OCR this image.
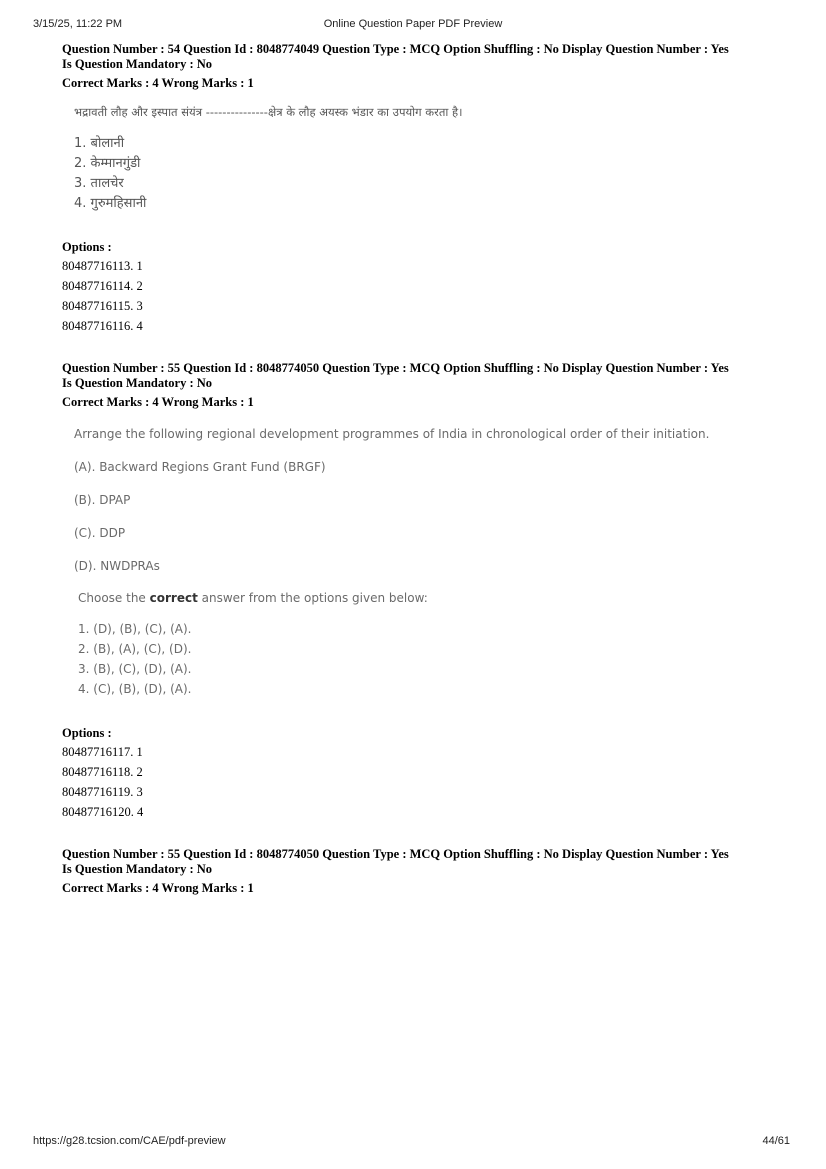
3/15/25, 11:22 PM	Online Question Paper PDF Preview
Question Number : 54 Question Id : 8048774049 Question Type : MCQ Option Shuffling : No Display Question Number : Yes
Is Question Mandatory : No
Correct Marks : 4 Wrong Marks : 1
भद्रावती लौह और इस्पात संयंत्र ---------------क्षेत्र के लौह अयस्क भंडार का उपयोग करता है।
1. बोलानी
2. केम्मानगुंडी
3. तालचेर
4. गुरुमहिसानी
Options :
80487716113. 1
80487716114. 2
80487716115. 3
80487716116. 4
Question Number : 55 Question Id : 8048774050 Question Type : MCQ Option Shuffling : No Display Question Number : Yes
Is Question Mandatory : No
Correct Marks : 4 Wrong Marks : 1
Arrange the following regional development programmes of India in chronological order of their initiation.
(A). Backward Regions Grant Fund (BRGF)
(B). DPAP
(C). DDP
(D). NWDPRAs
Choose the correct answer from the options given below:
1. (D), (B), (C), (A).
2. (B), (A), (C), (D).
3. (B), (C), (D), (A).
4. (C), (B), (D), (A).
Options :
80487716117. 1
80487716118. 2
80487716119. 3
80487716120. 4
Question Number : 55 Question Id : 8048774050 Question Type : MCQ Option Shuffling : No Display Question Number : Yes
Is Question Mandatory : No
Correct Marks : 4 Wrong Marks : 1
https://g28.tcsion.com/CAE/pdf-preview	44/61
